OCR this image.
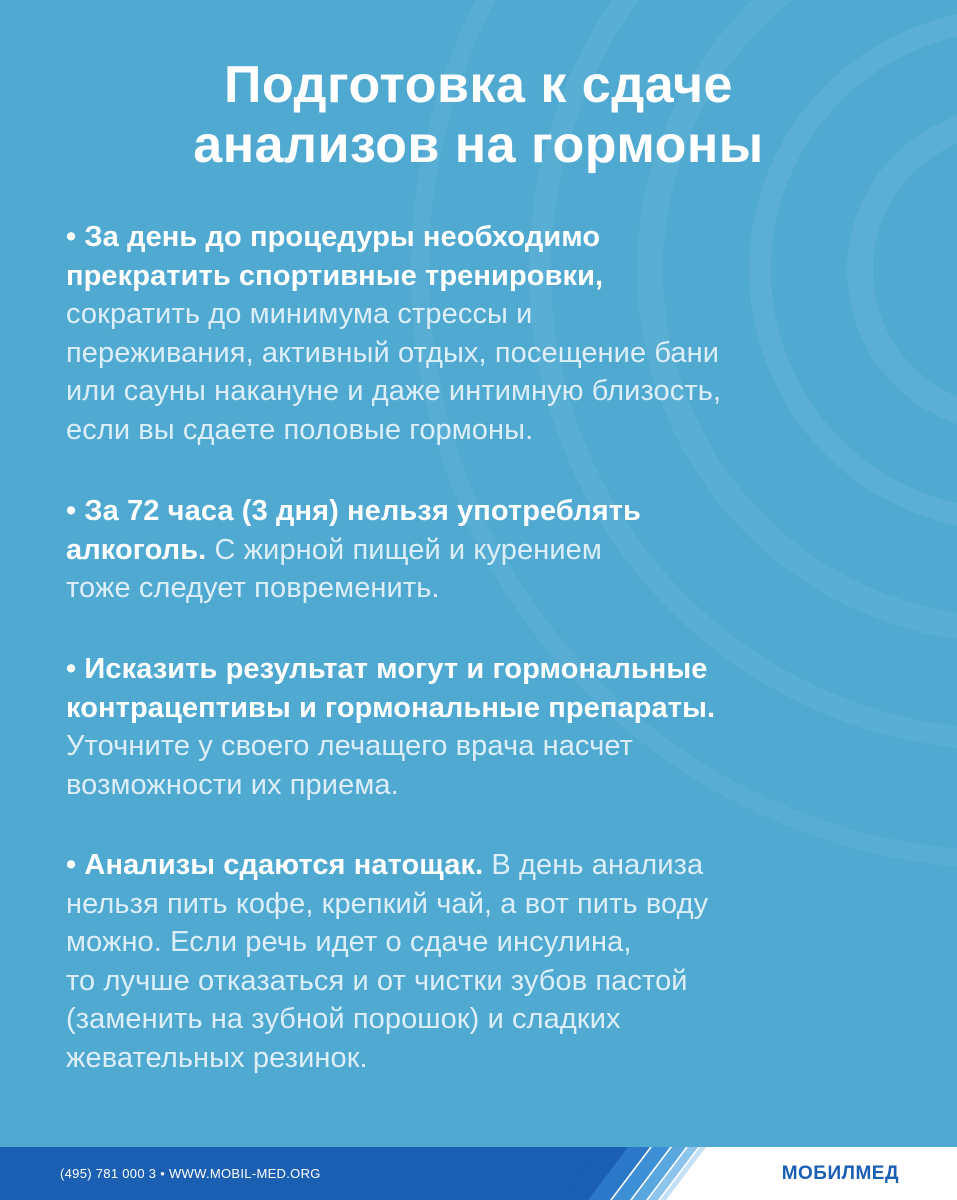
Подготовка к сдаче
анализов на гормоны
• За день до процедуры необходимо
прекратить спортивные тренировки,
сократить до минимума стрессы и
переживания, активный отдых, посещение бани
или сауны накануне и даже интимную близость,
если вы сдаете половые гормоны.
• За 72 часа (3 дня) нельзя употреблять
алкоголь. С жирной пищей и курением
тоже следует повременить.
• Исказить результат могут и гормональные
контрацептивы и гормональные препараты.
Уточните у своего лечащего врача насчет
возможности их приема.
• Анализы сдаются натощак. В день анализа
нельзя пить кофе, крепкий чай, а вот пить воду
можно. Если речь идет о сдаче инсулина,
то лучше отказаться и от чистки зубов пастой
(заменить на зубной порошок) и сладких
жевательных резинок.
(495) 781 000 3 • WWW.MOBIL-MED.ORG	МОБИЛМЕД
